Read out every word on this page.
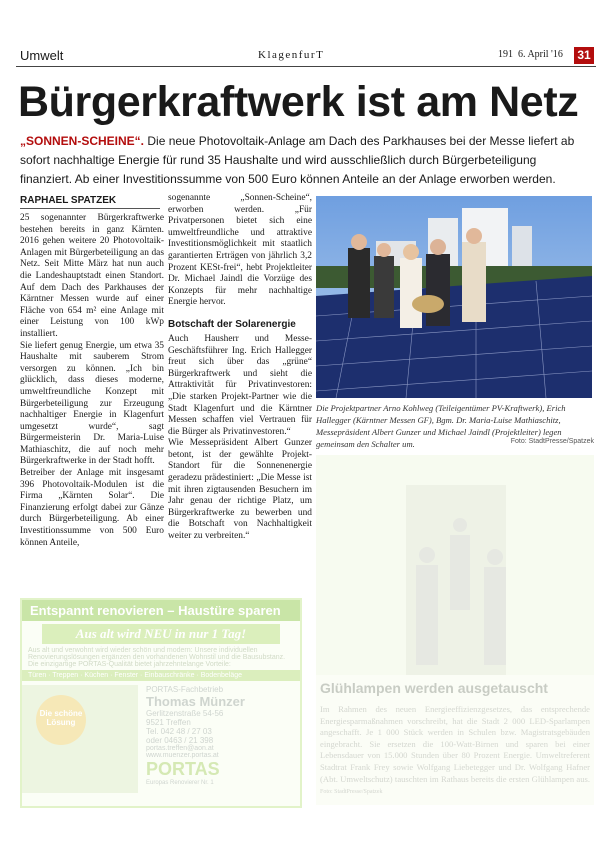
Umwelt	KlagenfurT	191 6. April '16 31
Bürgerkraftwerk ist am Netz
„SONNEN-SCHEINE“. Die neue Photovoltaik-Anlage am Dach des Parkhauses bei der Messe liefert ab sofort nachhaltige Energie für rund 35 Haushalte und wird ausschließlich durch Bürgerbeteiligung finanziert. Ab einer Investitionssumme von 500 Euro können Anteile an der Anlage erworben werden.
RAPHAEL SPATZEK

25 sogenannter Bürgerkraftwerke bestehen bereits in ganz Kärnten. 2016 gehen weitere 20 Photovoltaik-Anlagen mit Bürgerbeteiligung an das Netz. Seit Mitte März hat nun auch die Landeshauptstadt einen Standort. Auf dem Dach des Parkhauses der Kärntner Messen wurde auf einer Fläche von 654 m² eine Anlage mit einer Leistung von 100 kWp installiert.

Sie liefert genug Energie, um etwa 35 Haushalte mit sauberem Strom versorgen zu können. „Ich bin glücklich, dass dieses moderne, umweltfreundliche Konzept mit Bürgerbeteiligung zur Erzeugung nachhaltiger Energie in Klagenfurt umgesetzt wurde“, sagt Bürgermeisterin Dr. Maria-Luise Mathiaschitz, die auf noch mehr Bürgerkraftwerke in der Stadt hofft.

Betreiber der Anlage mit insgesamt 396 Photovoltaik-Modulen ist die Firma „Kärnten Solar“. Die Finanzierung erfolgt dabei zur Gänze durch Bürgerbeteiligung. Ab einer Investitionssumme von 500 Euro können Anteile,

sogenannte „Sonnen-Scheine“, erworben werden. „Für Privatpersonen bietet sich eine umweltfreundliche und attraktive Investitionsmöglichkeit mit staatlich garantierten Erträgen von jährlich 3,2 Prozent KESt-frei“, hebt Projektleiter Dr. Michael Jaindl die Vorzüge des Konzepts für mehr nachhaltige Energie hervor.

Botschaft der Solarenergie

Auch Hausherr und Messe-Geschäftsführer Ing. Erich Hallegger freut sich über das „grüne“ Bürgerkraftwerk und sieht die Attraktivität für Privatinvestoren: „Die starken Projekt-Partner wie die Stadt Klagenfurt und die Kärntner Messen schaffen viel Vertrauen für die Bürger als Privatinvestoren.“

Wie Messepräsident Albert Gunzer betont, ist der gewählte Projekt-Standort für die Sonnenenergie geradezu prädestiniert: „Die Messe ist mit ihren zigtausenden Besuchern im Jahr genau der richtige Platz, um Bürgerkraftwerke zu bewerben und die Botschaft von Nachhaltigkeit weiter zu verbreiten.“

Die Projektpartner Arno Kohlweg (Teileigentümer PV-Kraftwerk), Erich Hallegger (Kärntner Messen GF), Bgm. Dr. Maria-Luise Mathiaschitz, Messepräsident Albert Gunzer und Michael Jaindl (Projektleiter) legen gemeinsam den Schalter um.	Foto: StadtPresse/Spatzek
Glühlampen werden ausgetauscht
Im Rahmen des neuen Energieeffizienzgesetzes, das entsprechende Energiesparmaßnahmen vorschreibt, hat die Stadt 2 000 LED-Sparlampen angeschafft. Je 1 000 Stück werden in Schulen bzw. Magistratsgebäuden eingebracht. Sie ersetzen die 100-Watt-Birnen und sparen bei einer Lebensdauer von 15.000 Stunden über 80 Prozent Energie. Umweltreferent Stadtrat Frank Frey sowie Wolfgang Liebetegger und Dr. Wolfgang Hafner (Abt. Umweltschutz) tauschten im Rathaus bereits die ersten Glühlampen aus. Foto: StadtPresse/Spatzek
Entspannt renovieren – Haustüre sparen
Aus alt wird NEU in nur 1 Tag!
Aus alt und verwohnt wird wieder schön und modern: Unsere individuellen Renovierungslösungen ergänzen den vorhandenen Wohnstil und die Bausubstanz.
Die einzigartige PORTAS-Qualität bietet jahrzehntelange Vorteile:
Türen · Treppen · Küchen · Fenster · Einbauschränke · Bodenbeläge
Die schöne Lösung
PORTAS-Fachbetrieb
Thomas Münzer
Gerlitzenstraße 54-56
9521 Treffen
Tel. 042 48 / 27 03
oder 0463 / 21 398
portas.treffen@aon.at
www.muenzer.portas.at
PORTAS
Europas Renovierer Nr. 1
